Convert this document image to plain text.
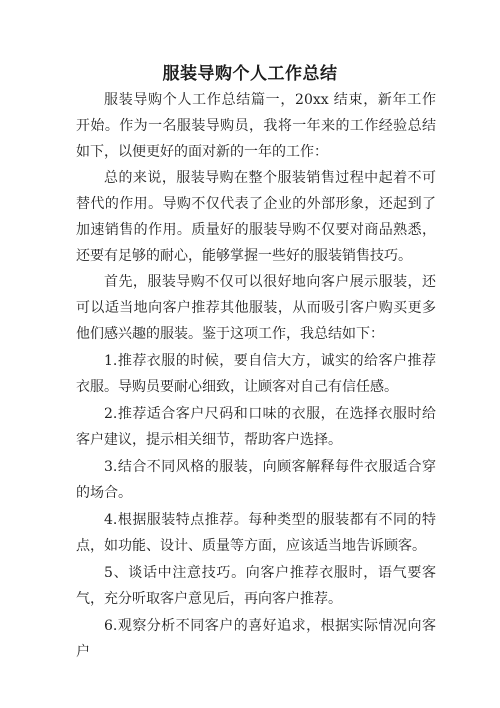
服装导购个人工作总结

服装导购个人工作总结篇一，20xx 结束，新年工作开始。作为一名服装导购员，我将一年来的工作经验总结如下，以便更好的面对新的一年的工作：

总的来说，服装导购在整个服装销售过程中起着不可替代的作用。导购不仅代表了企业的外部形象，还起到了加速销售的作用。质量好的服装导购不仅要对商品熟悉，还要有足够的耐心，能够掌握一些好的服装销售技巧。

首先，服装导购不仅可以很好地向客户展示服装，还可以适当地向客户推荐其他服装，从而吸引客户购买更多他们感兴趣的服装。鉴于这项工作，我总结如下：

1.推荐衣服的时候，要自信大方，诚实的给客户推荐衣服。导购员要耐心细致，让顾客对自己有信任感。

2.推荐适合客户尺码和口味的衣服，在选择衣服时给客户建议，提示相关细节，帮助客户选择。

3.结合不同风格的服装，向顾客解释每件衣服适合穿的场合。

4.根据服装特点推荐。每种类型的服装都有不同的特点，如功能、设计、质量等方面，应该适当地告诉顾客。

5、谈话中注意技巧。向客户推荐衣服时，语气要客气，充分听取客户意见后，再向客户推荐。

6.观察分析不同客户的喜好追求，根据实际情况向客户
